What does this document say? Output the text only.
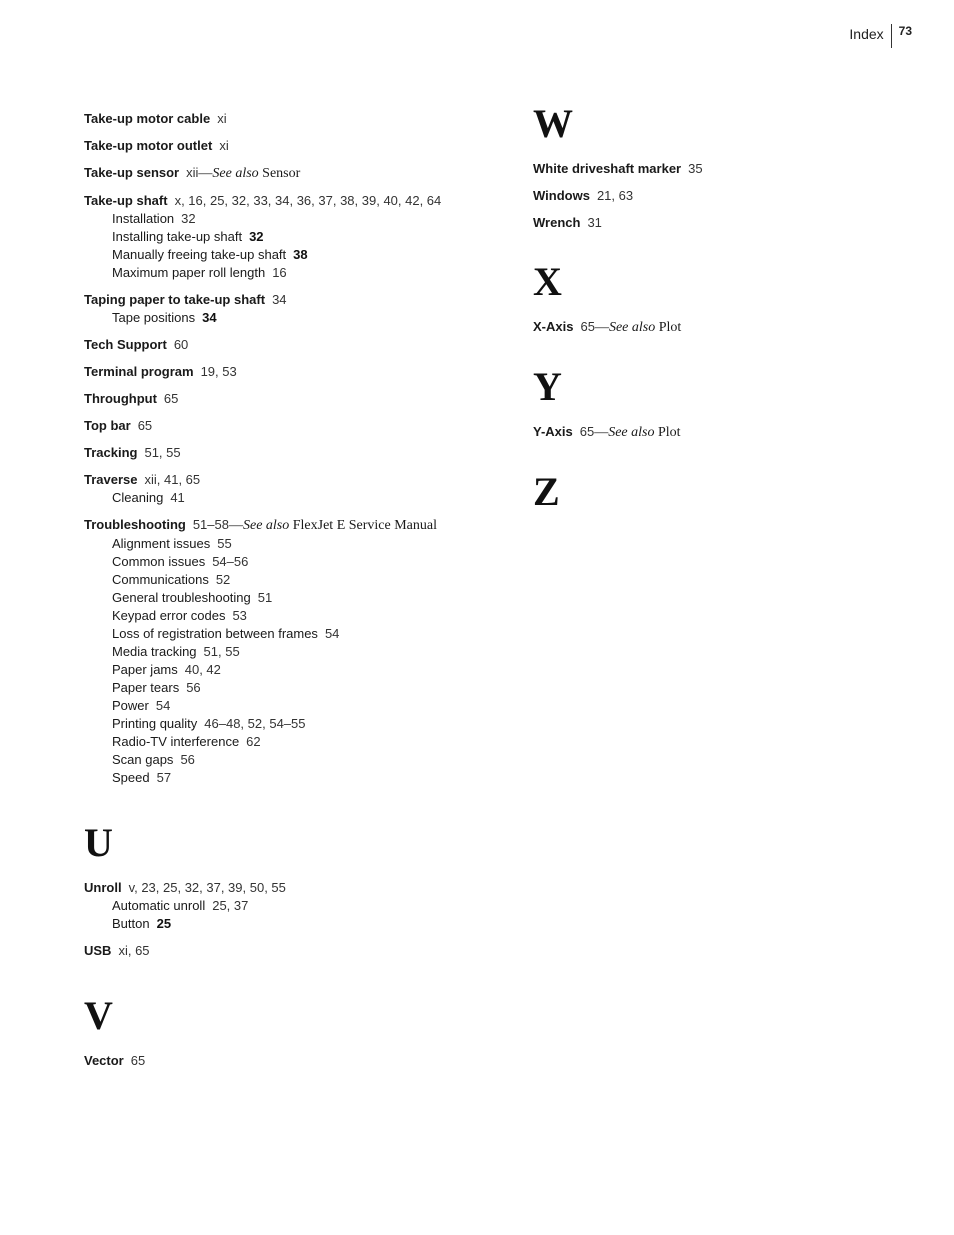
Index	73
Take-up motor cable xi
Take-up motor outlet xi
Take-up sensor xii—See also Sensor
Take-up shaft x, 16, 25, 32, 33, 34, 36, 37, 38, 39, 40, 42, 64
Installation 32
Installing take-up shaft 32
Manually freeing take-up shaft 38
Maximum paper roll length 16
Taping paper to take-up shaft 34
Tape positions 34
Tech Support 60
Terminal program 19, 53
Throughput 65
Top bar 65
Tracking 51, 55
Traverse xii, 41, 65
Cleaning 41
Troubleshooting 51–58—See also FlexJet E Service Manual
Alignment issues 55
Common issues 54–56
Communications 52
General troubleshooting 51
Keypad error codes 53
Loss of registration between frames 54
Media tracking 51, 55
Paper jams 40, 42
Paper tears 56
Power 54
Printing quality 46–48, 52, 54–55
Radio-TV interference 62
Scan gaps 56
Speed 57
U
Unroll v, 23, 25, 32, 37, 39, 50, 55
Automatic unroll 25, 37
Button 25
USB xi, 65
V
Vector 65
W
White driveshaft marker 35
Windows 21, 63
Wrench 31
X
X-Axis 65—See also Plot
Y
Y-Axis 65—See also Plot
Z
